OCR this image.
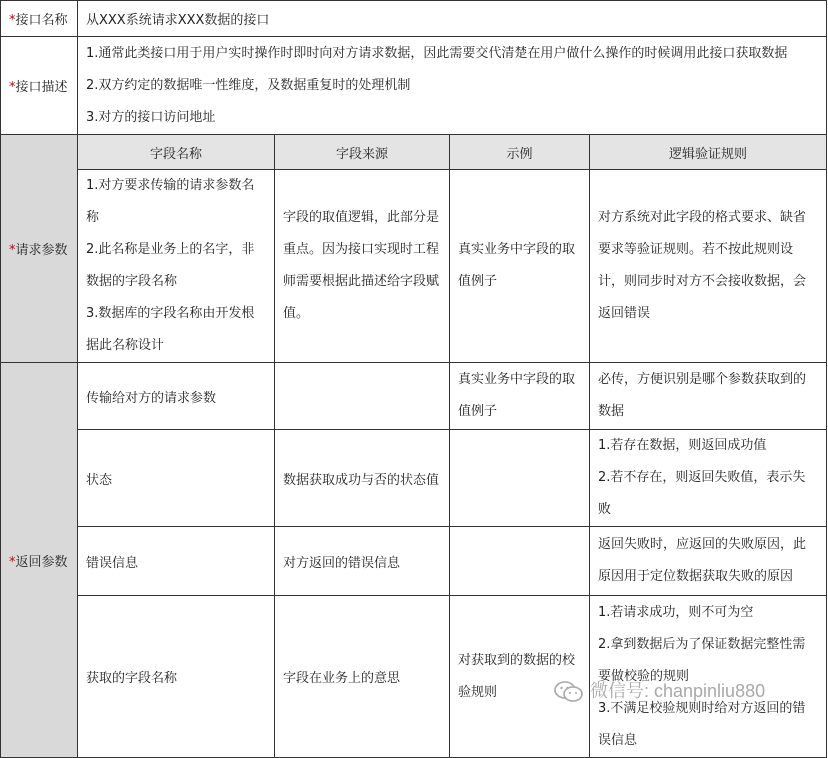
*接口名称	从XXX系统请求XXX数据的接口			
*接口描述	1.通常此类接口用于用户实时操作时即时向对方请求数据，因此需要交代清楚在用户做什么操作的时候调用此接口获取数据
2.双方约定的数据唯一性维度，及数据重复时的处理机制
3.对方的接口访问地址			

*请求参数	字段名称	字段来源	示例	逻辑验证规则

	1.对方要求传输的请求参数名称
2.此名称是业务上的名字，非数据的字段名称
3.数据库的字段名称由开发根据此名称设计	字段的取值逻辑，此部分是重点。因为接口实现时工程师需要根据此描述给字段赋值。	真实业务中字段的取值例子	对方系统对此字段的格式要求、缺省要求等验证规则。若不按此规则设计，则同步时对方不会接收数据，会返回错误

*返回参数	传输给对方的请求参数		真实业务中字段的取值例子	必传，方便识别是哪个参数获取到的数据

	状态	数据获取成功与否的状态值		1.若存在数据，则返回成功值
2.若不存在，则返回失败值，表示失败

	错误信息	对方返回的错误信息		返回失败时，应返回的失败原因，此原因用于定位数据获取失败的原因

	获取的字段名称	字段在业务上的意思	对获取到的数据的校验规则	1.若请求成功，则不可为空
2.拿到数据后为了保证数据完整性需要做校验的规则
3.不满足校验规则时给对方返回的错误信息
微信号: chanpinliu880
